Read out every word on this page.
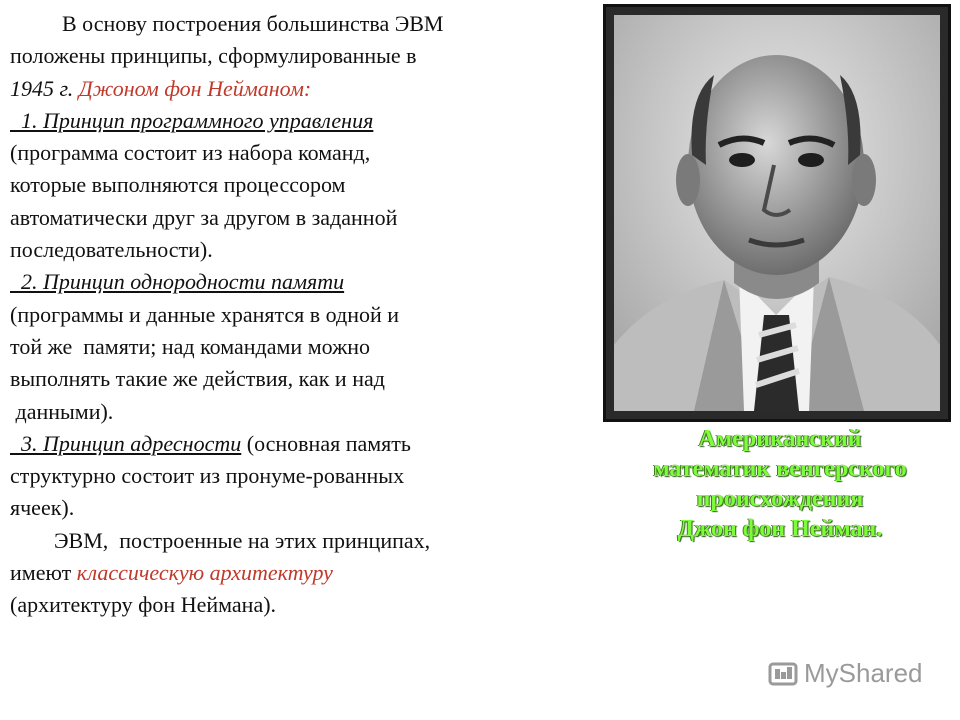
В основу построения большинства ЭВМ
положены принципы, сформулированные в
1945 г. Джоном фон Нейманом:
1. Принцип программного управления
(программа состоит из набора команд,
которые выполняются процессором
автоматически друг за другом в заданной
последовательности).
2. Принцип однородности памяти
(программы и данные хранятся в одной и
той же  памяти; над командами можно
выполнять такие же действия, как и над
данными).
3. Принцип адресности (основная память
структурно состоит из пронуме-рованных
ячеек).
ЭВМ,  построенные на этих принципах,
имеют классическую архитектуру
(архитектуру фон Неймана).
Американский
математик венгерского
происхождения
Джон фон Нейман.
MyShared
